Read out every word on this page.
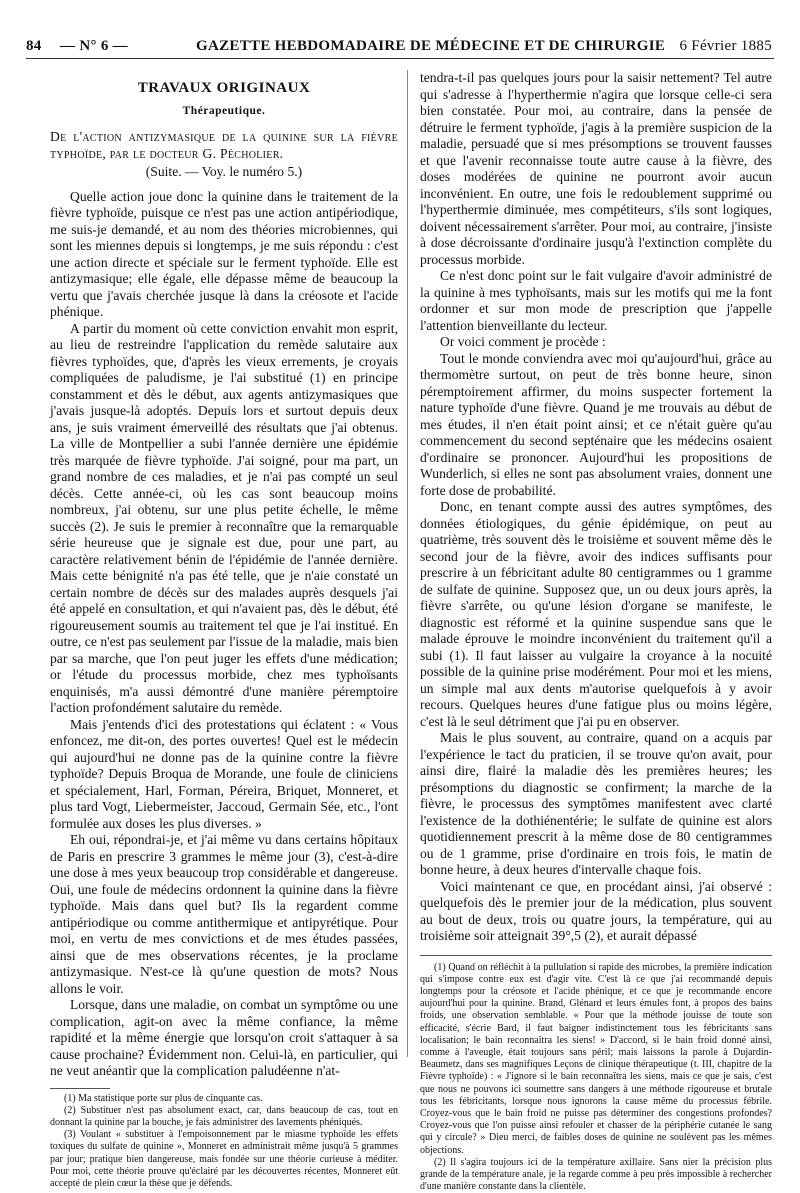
84 — N° 6 —	GAZETTE HEBDOMADAIRE DE MÉDECINE ET DE CHIRURGIE 6 Février 1885

TRAVAUX ORIGINAUX

Thérapeutique.

De l'action antizymasique de la quinine sur la fièvre typhoïde, par le docteur G. Pécholier.

(Suite. — Voy. le numéro 5.)

Quelle action joue donc la quinine dans le traitement de la fièvre typhoïde, puisque ce n'est pas une action antipériodique, me suis-je demandé, et au nom des théories microbiennes, qui sont les miennes depuis si longtemps, je me suis répondu : c'est une action directe et spéciale sur le ferment typhoïde. Elle est antizymasique; elle égale, elle dépasse même de beaucoup la vertu que j'avais cherchée jusque là dans la créosote et l'acide phénique.

A partir du moment où cette conviction envahit mon esprit, au lieu de restreindre l'application du remède salutaire aux fièvres typhoïdes, que, d'après les vieux errements, je croyais compliquées de paludisme, je l'ai substitué (1) en principe constamment et dès le début, aux agents antizymasiques que j'avais jusque-là adoptés. Depuis lors et surtout depuis deux ans, je suis vraiment émerveillé des résultats que j'ai obtenus. La ville de Montpellier a subi l'année dernière une épidémie très marquée de fièvre typhoïde. J'ai soigné, pour ma part, un grand nombre de ces maladies, et je n'ai pas compté un seul décès. Cette année-ci, où les cas sont beaucoup moins nombreux, j'ai obtenu, sur une plus petite échelle, le même succès (2). Je suis le premier à reconnaître que la remarquable série heureuse que je signale est due, pour une part, au caractère relativement bénin de l'épidémie de l'année dernière. Mais cette bénignité n'a pas été telle, que je n'aie constaté un certain nombre de décès sur des malades auprès desquels j'ai été appelé en consultation, et qui n'avaient pas, dès le début, été rigoureusement soumis au traitement tel que je l'ai institué. En outre, ce n'est pas seulement par l'issue de la maladie, mais bien par sa marche, que l'on peut juger les effets d'une médication; or l'étude du processus morbide, chez mes typhoïsants enquinisés, m'a aussi démontré d'une manière péremptoire l'action profondément salutaire du remède.

Mais j'entends d'ici des protestations qui éclatent : « Vous enfoncez, me dit-on, des portes ouvertes! Quel est le médecin qui aujourd'hui ne donne pas de la quinine contre la fièvre typhoïde? Depuis Broqua de Morande, une foule de cliniciens et spécialement, Harl, Forman, Péreira, Briquet, Monneret, et plus tard Vogt, Liebermeister, Jaccoud, Germain Sée, etc., l'ont formulée aux doses les plus diverses. »

Eh oui, répondrai-je, et j'ai même vu dans certains hôpitaux de Paris en prescrire 3 grammes le même jour (3), c'est-à-dire une dose à mes yeux beaucoup trop considérable et dangereuse. Oui, une foule de médecins ordonnent la quinine dans la fièvre typhoïde. Mais dans quel but? Ils la regardent comme antipériodique ou comme antithermique et antipyrétique. Pour moi, en vertu de mes convictions et de mes études passées, ainsi que de mes observations récentes, je la proclame antizymasique. N'est-ce là qu'une question de mots? Nous allons le voir.

Lorsque, dans une maladie, on combat un symptôme ou une complication, agit-on avec la même confiance, la même rapidité et la même énergie que lorsqu'on croit s'attaquer à sa cause prochaine? Évidemment non. Celui-là, en particulier, qui ne veut anéantir que la complication paludéenne n'at-

(1) Ma statistique porte sur plus de cinquante cas.

(2) Substituer n'est pas absolument exact, car, dans beaucoup de cas, tout en donnant la quinine par la bouche, je fais administrer des lavements phéniqués.

(3) Voulant « substituer à l'empoisonnement par le miasme typhoïde les effets toxiques du sulfate de quinine », Monneret en administrait même jusqu'à 5 grammes par jour; pratique bien dangereuse, mais fondée sur une théorie curieuse à méditer. Pour moi, cette théorie prouve qu'éclairé par les découvertes récentes, Monneret eût accepté de plein cœur la thèse que je défends.

tendra-t-il pas quelques jours pour la saisir nettement? Tel autre qui s'adresse à l'hyperthermie n'agira que lorsque celle-ci sera bien constatée. Pour moi, au contraire, dans la pensée de détruire le ferment typhoïde, j'agis à la première suspicion de la maladie, persuadé que si mes présomptions se trouvent fausses et que l'avenir reconnaisse toute autre cause à la fièvre, des doses modérées de quinine ne pourront avoir aucun inconvénient. En outre, une fois le redoublement supprimé ou l'hyperthermie diminuée, mes compétiteurs, s'ils sont logiques, doivent nécessairement s'arrêter. Pour moi, au contraire, j'insiste à dose décroissante d'ordinaire jusqu'à l'extinction complète du processus morbide.

Ce n'est donc point sur le fait vulgaire d'avoir administré de la quinine à mes typhoïsants, mais sur les motifs qui me la font ordonner et sur mon mode de prescription que j'appelle l'attention bienveillante du lecteur.

Or voici comment je procède :

Tout le monde conviendra avec moi qu'aujourd'hui, grâce au thermomètre surtout, on peut de très bonne heure, sinon péremptoirement affirmer, du moins suspecter fortement la nature typhoïde d'une fièvre. Quand je me trouvais au début de mes études, il n'en était point ainsi; et ce n'était guère qu'au commencement du second septénaire que les médecins osaient d'ordinaire se prononcer. Aujourd'hui les propositions de Wunderlich, si elles ne sont pas absolument vraies, donnent une forte dose de probabilité.

Donc, en tenant compte aussi des autres symptômes, des données étiologiques, du génie épidémique, on peut au quatrième, très souvent dès le troisième et souvent même dès le second jour de la fièvre, avoir des indices suffisants pour prescrire à un fébricitant adulte 80 centigrammes ou 1 gramme de sulfate de quinine. Supposez que, un ou deux jours après, la fièvre s'arrête, ou qu'une lésion d'organe se manifeste, le diagnostic est réformé et la quinine suspendue sans que le malade éprouve le moindre inconvénient du traitement qu'il a subi (1). Il faut laisser au vulgaire la croyance à la nocuité possible de la quinine prise modérément. Pour moi et les miens, un simple mal aux dents m'autorise quelquefois à y avoir recours. Quelques heures d'une fatigue plus ou moins légère, c'est là le seul détriment que j'ai pu en observer.

Mais le plus souvent, au contraire, quand on a acquis par l'expérience le tact du praticien, il se trouve qu'on avait, pour ainsi dire, flairé la maladie dès les premières heures; les présomptions du diagnostic se confirment; la marche de la fièvre, le processus des symptômes manifestent avec clarté l'existence de la dothiénentérie; le sulfate de quinine est alors quotidiennement prescrit à la même dose de 80 centigrammes ou de 1 gramme, prise d'ordinaire en trois fois, le matin de bonne heure, à deux heures d'intervalle chaque fois.

Voici maintenant ce que, en procédant ainsi, j'ai observé : quelquefois dès le premier jour de la médication, plus souvent au bout de deux, trois ou quatre jours, la température, qui au troisième soir atteignait 39°,5 (2), et aurait dépassé

(1) Quand on réfléchit à la pullulation si rapide des microbes, la première indication qui s'impose contre eux est d'agir vite. C'est là ce que j'ai recommandé depuis longtemps pour la créosote et l'acide phénique, et ce que je recommande encore aujourd'hui pour la quinine. Brand, Glénard et leurs émules font, à propos des bains froids, une observation semblable. « Pour que la méthode jouisse de toute son efficacité, s'écrie Bard, il faut baigner indistinctement tous les fébricitants sans localisation; le bain reconnaîtra les siens! » D'accord, si le bain froid donné ainsi, comme à l'aveugle, était toujours sans péril; mais laissons la parole à Dujardin-Beaumetz, dans ses magnifiques Leçons de clinique thérapeutique (t. III, chapitre de la Fièvre typhoïde) : « J'ignore si le bain reconnaîtra les siens, mais ce que je sais, c'est que nous ne pouvons ici soumettre sans dangers à une méthode rigoureuse et brutale tous les fébricitants, lorsque nous ignorons la cause même du processus fébrile. Croyez-vous que le bain froid ne puisse pas déterminer des congestions profondes? Croyez-vous que l'on puisse ainsi refouler et chasser de la périphérie cutanée le sang qui y circule? » Dieu merci, de faibles doses de quinine ne soulèvent pas les mêmes objections.

(2) Il s'agira toujours ici de la température axillaire. Sans nier la précision plus grande de la température anale, je la regarde comme à peu près impossible à rechercher d'une manière constante dans la clientèle.
